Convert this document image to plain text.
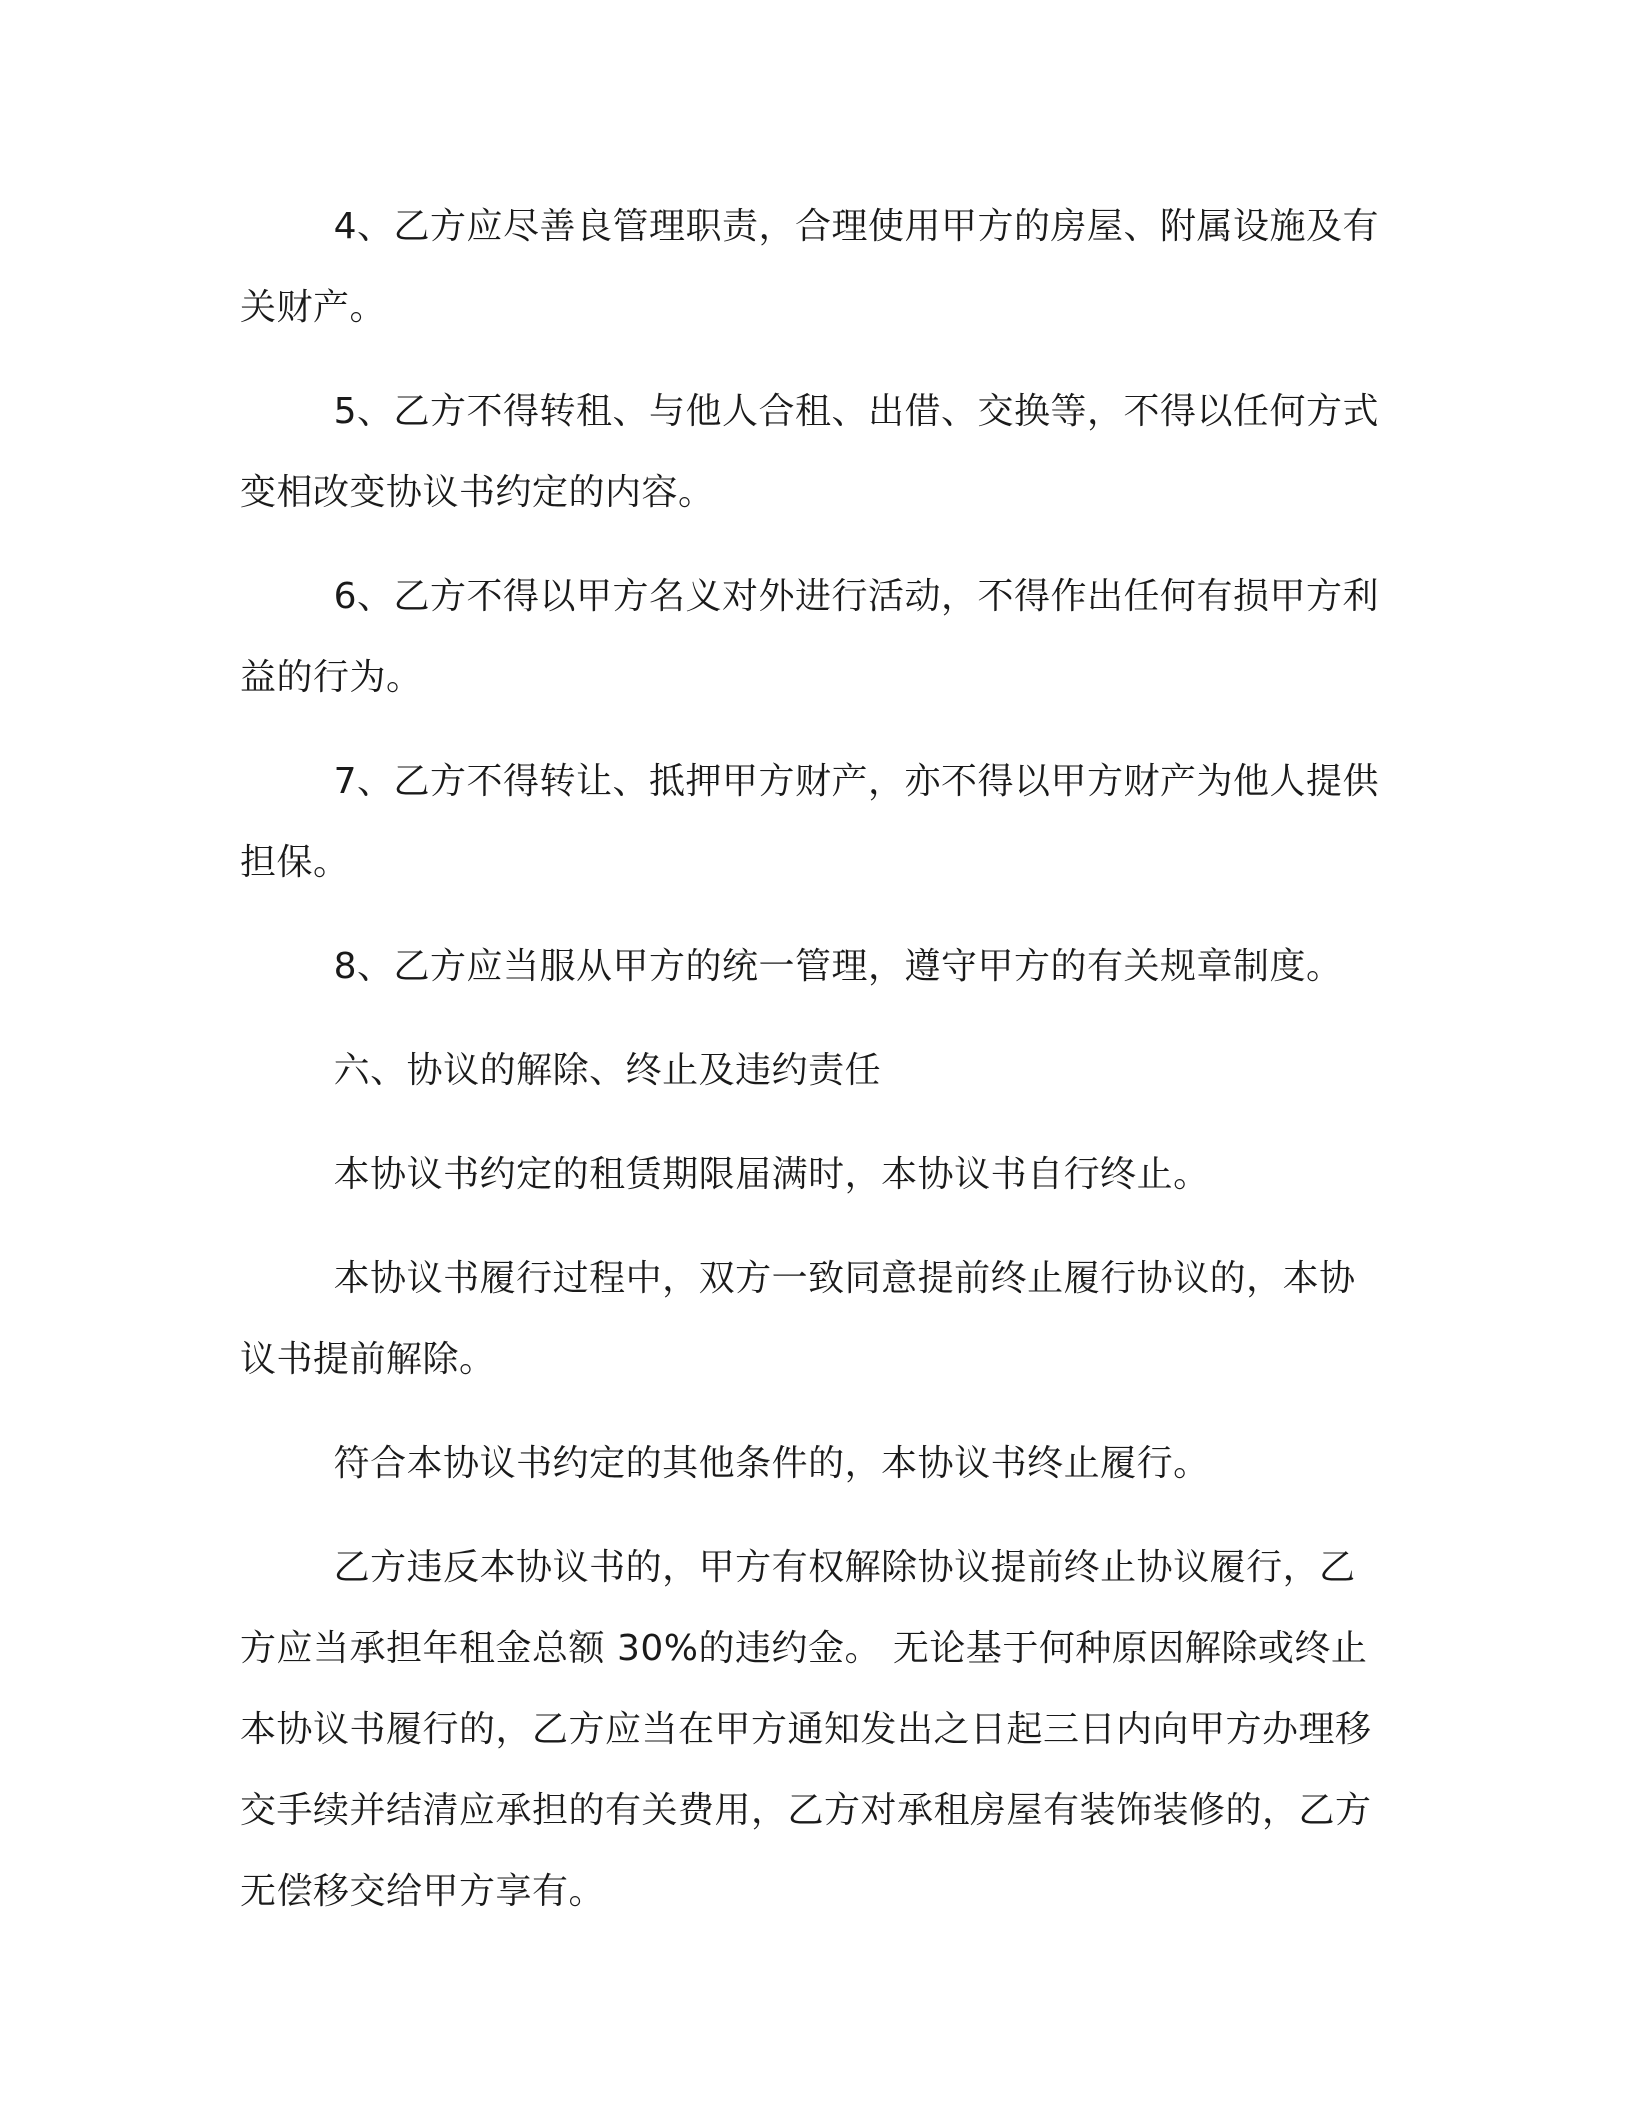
4、乙方应尽善良管理职责，合理使用甲方的房屋、附属设施及有关财产。

5、乙方不得转租、与他人合租、出借、交换等，不得以任何方式变相改变协议书约定的内容。

6、乙方不得以甲方名义对外进行活动，不得作出任何有损甲方利益的行为。

7、乙方不得转让、抵押甲方财产，亦不得以甲方财产为他人提供担保。

8、乙方应当服从甲方的统一管理，遵守甲方的有关规章制度。

六、协议的解除、终止及违约责任

本协议书约定的租赁期限届满时，本协议书自行终止。

本协议书履行过程中，双方一致同意提前终止履行协议的，本协议书提前解除。

符合本协议书约定的其他条件的，本协议书终止履行。

乙方违反本协议书的，甲方有权解除协议提前终止协议履行，乙方应当承担年租金总额 30%的违约金。 无论基于何种原因解除或终止本协议书履行的，乙方应当在甲方通知发出之日起三日内向甲方办理移交手续并结清应承担的有关费用，乙方对承租房屋有装饰装修的，乙方无偿移交给甲方享有。
